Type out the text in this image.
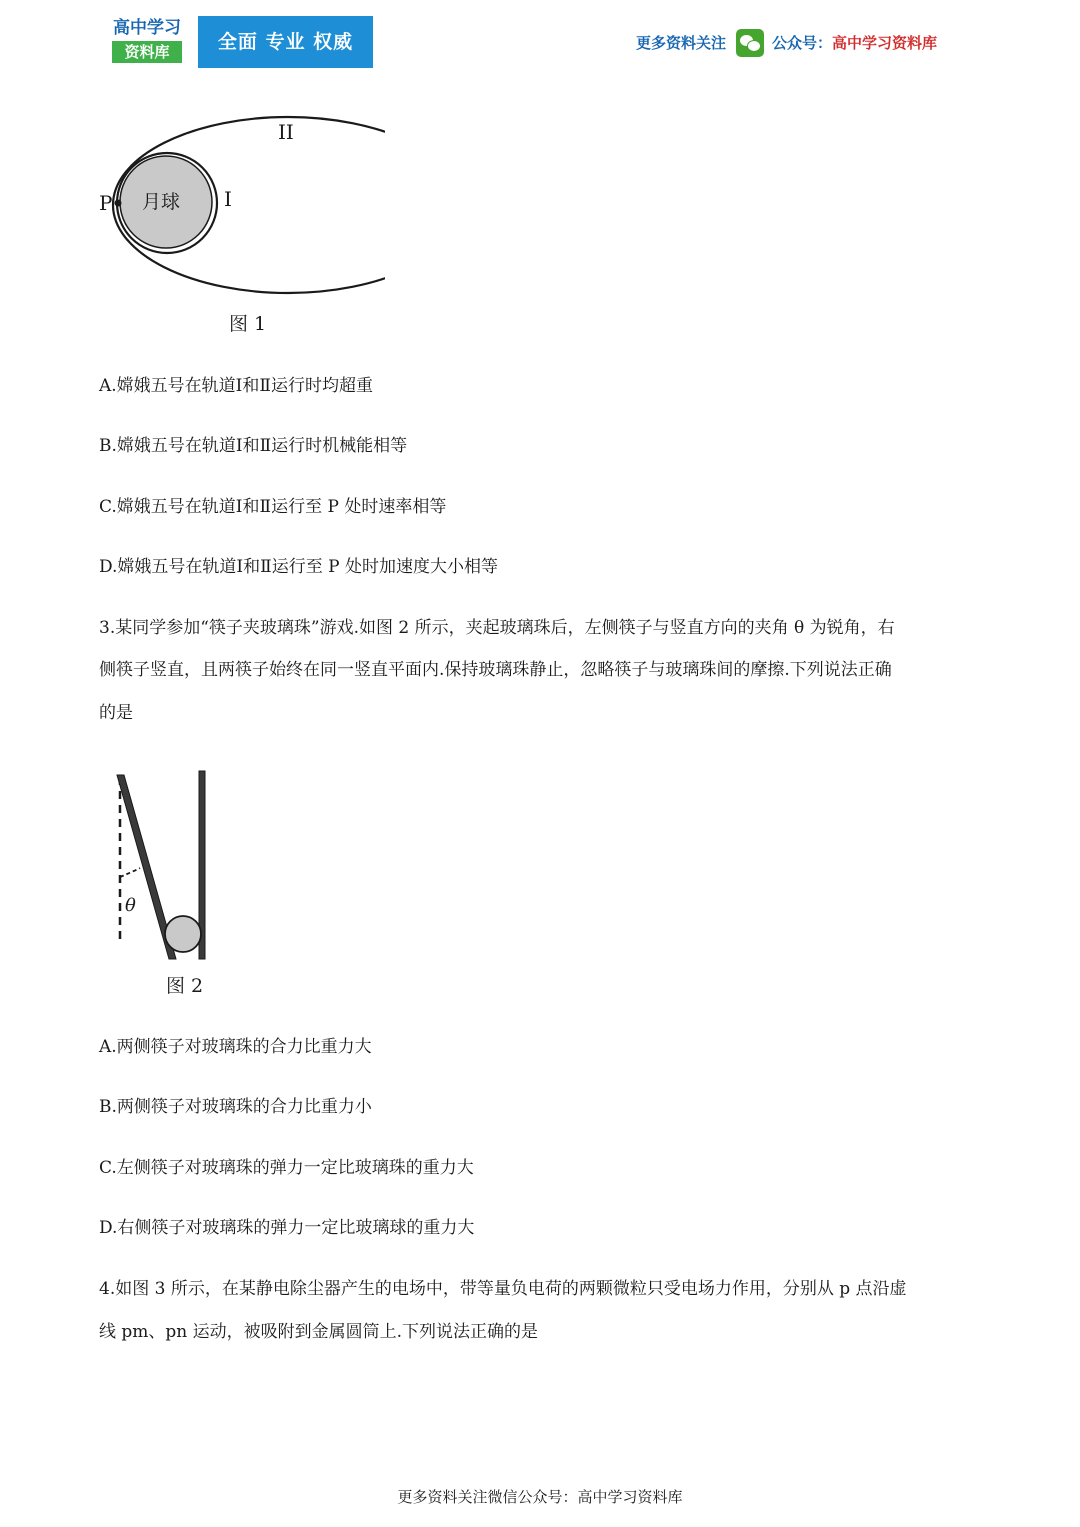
高中学习
资料库	全面 专业 权威	更多资料关注	公众号： 高中学习资料库
II
I
P 月球
图 1
A.嫦娥五号在轨道Ⅰ和Ⅱ运行时均超重
B.嫦娥五号在轨道Ⅰ和Ⅱ运行时机械能相等
C.嫦娥五号在轨道Ⅰ和Ⅱ运行至 P 处时速率相等
D.嫦娥五号在轨道Ⅰ和Ⅱ运行至 P 处时加速度大小相等
3.某同学参加“筷子夹玻璃珠”游戏.如图 2 所示，夹起玻璃珠后，左侧筷子与竖直方向的夹角 θ 为锐角，右
侧筷子竖直，且两筷子始终在同一竖直平面内.保持玻璃珠静止，忽略筷子与玻璃珠间的摩擦.下列说法正确
的是
θ
图 2
A.两侧筷子对玻璃珠的合力比重力大
B.两侧筷子对玻璃珠的合力比重力小
C.左侧筷子对玻璃珠的弹力一定比玻璃珠的重力大
D.右侧筷子对玻璃珠的弹力一定比玻璃球的重力大
4.如图 3 所示，在某静电除尘器产生的电场中，带等量负电荷的两颗微粒只受电场力作用，分别从 p 点沿虚
线 pm、pn 运动，被吸附到金属圆筒上.下列说法正确的是
更多资料关注微信公众号：高中学习资料库
